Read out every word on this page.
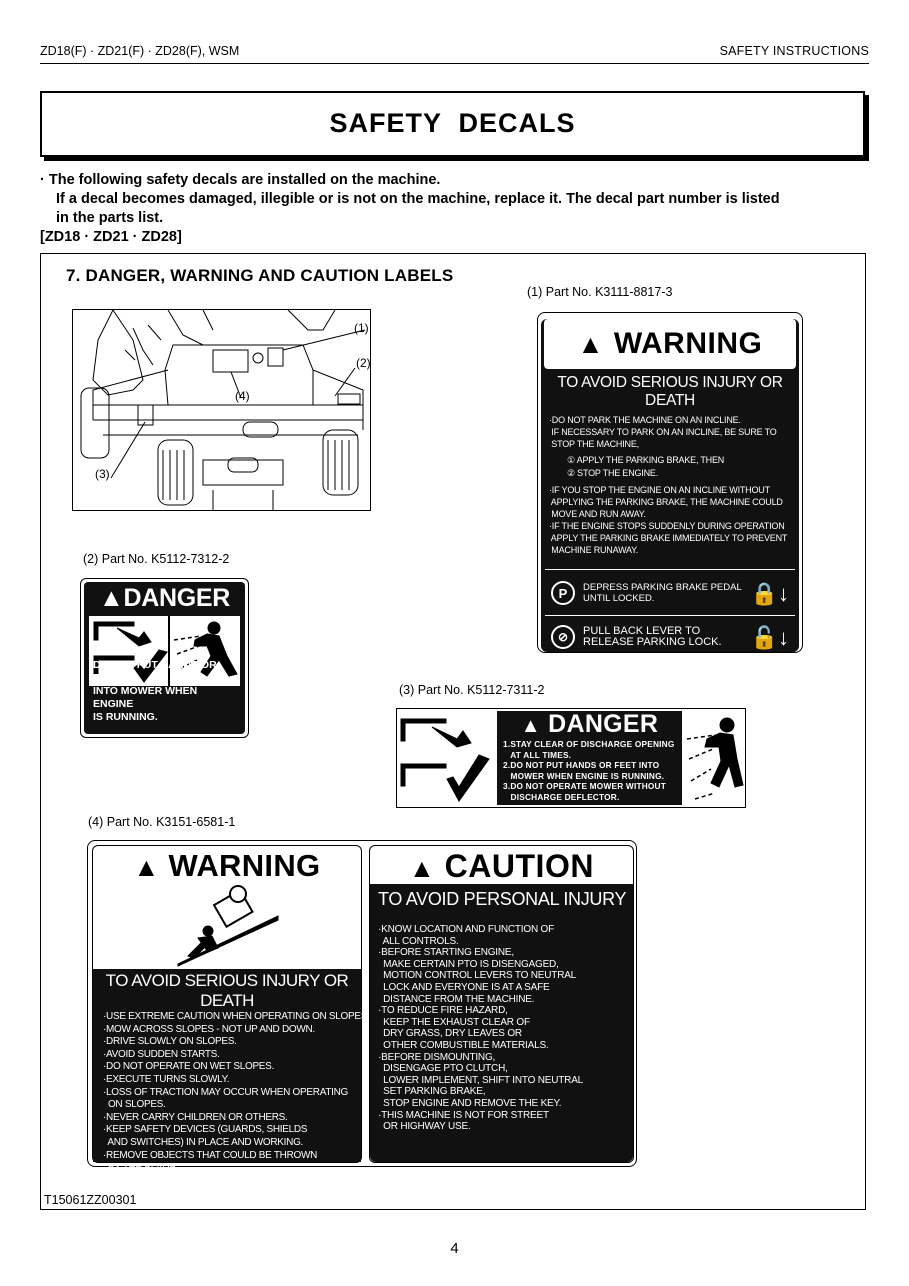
ZD18(F) · ZD21(F) · ZD28(F), WSM	SAFETY INSTRUCTIONS
SAFETY  DECALS
· The following safety decals are installed on the machine.
If a decal becomes damaged, illegible or is not on the machine, replace it. The decal part number is listed
in the parts list.
[ZD18 · ZD21 · ZD28]
7. DANGER, WARNING AND CAUTION LABELS
(1)
(2)
(3)
(4)
(1) Part No. K3111-8817-3
▲ WARNING
TO AVOID SERIOUS INJURY OR DEATH
·DO NOT PARK THE MACHINE ON AN INCLINE.
IF NECESSARY TO PARK ON AN INCLINE, BE SURE TO
STOP THE MACHINE,
① APPLY THE PARKING BRAKE, THEN
② STOP THE ENGINE.
·IF YOU STOP THE ENGINE ON AN INCLINE WITHOUT
APPLYING THE PARKING BRAKE, THE MACHINE COULD
MOVE AND RUN AWAY.
·IF THE ENGINE STOPS SUDDENLY DURING OPERATION
APPLY THE PARKING BRAKE IMMEDIATELY TO PREVENT
MACHINE RUNAWAY.
P	DEPRESS PARKING BRAKE PEDAL
UNTIL LOCKED.	🔒↓
⊘	PULL BACK LEVER TO
RELEASE PARKING LOCK. 🔓↓
(2) Part No. K5112-7312-2
▲DANGER
DO NOT PUT HANDS OR FEET
INTO MOWER WHEN ENGINE
IS RUNNING.
(3) Part No. K5112-7311-2
▲ DANGER
1.STAY CLEAR OF DISCHARGE OPENING
AT ALL TIMES.
2.DO NOT PUT HANDS OR FEET INTO
MOWER WHEN ENGINE IS RUNNING.
3.DO NOT OPERATE MOWER WITHOUT
DISCHARGE DEFLECTOR.
(4) Part No. K3151-6581-1
▲ WARNING
TO AVOID SERIOUS INJURY OR DEATH
·USE EXTREME CAUTION WHEN OPERATING ON SLOPES.
·MOW ACROSS SLOPES - NOT UP AND DOWN.
·DRIVE SLOWLY ON SLOPES.
·AVOID SUDDEN STARTS.
·DO NOT OPERATE ON WET SLOPES.
·EXECUTE TURNS SLOWLY.
·LOSS OF TRACTION MAY OCCUR WHEN OPERATING
ON SLOPES.
·NEVER CARRY CHILDREN OR OTHERS.
·KEEP SAFETY DEVICES (GUARDS, SHIELDS
AND SWITCHES) IN PLACE AND WORKING.
·REMOVE OBJECTS THAT COULD BE THROWN
BY THE BLADE.
READ AND UNDERSTAND OPERATOR'S MANUAL.
▲ CAUTION
TO AVOID PERSONAL INJURY
·KNOW LOCATION AND FUNCTION OF
ALL CONTROLS.
·BEFORE STARTING ENGINE,
MAKE CERTAIN PTO IS DISENGAGED,
MOTION CONTROL LEVERS TO NEUTRAL
LOCK AND EVERYONE IS AT A SAFE
DISTANCE FROM THE MACHINE.
·TO REDUCE FIRE HAZARD,
KEEP THE EXHAUST CLEAR OF
DRY GRASS, DRY LEAVES OR
OTHER COMBUSTIBLE MATERIALS.
·BEFORE DISMOUNTING,
DISENGAGE PTO CLUTCH,
LOWER IMPLEMENT, SHIFT INTO NEUTRAL
SET PARKING BRAKE,
STOP ENGINE AND REMOVE THE KEY.
·THIS MACHINE IS NOT FOR STREET
OR HIGHWAY USE.
T15061ZZ00301
4
